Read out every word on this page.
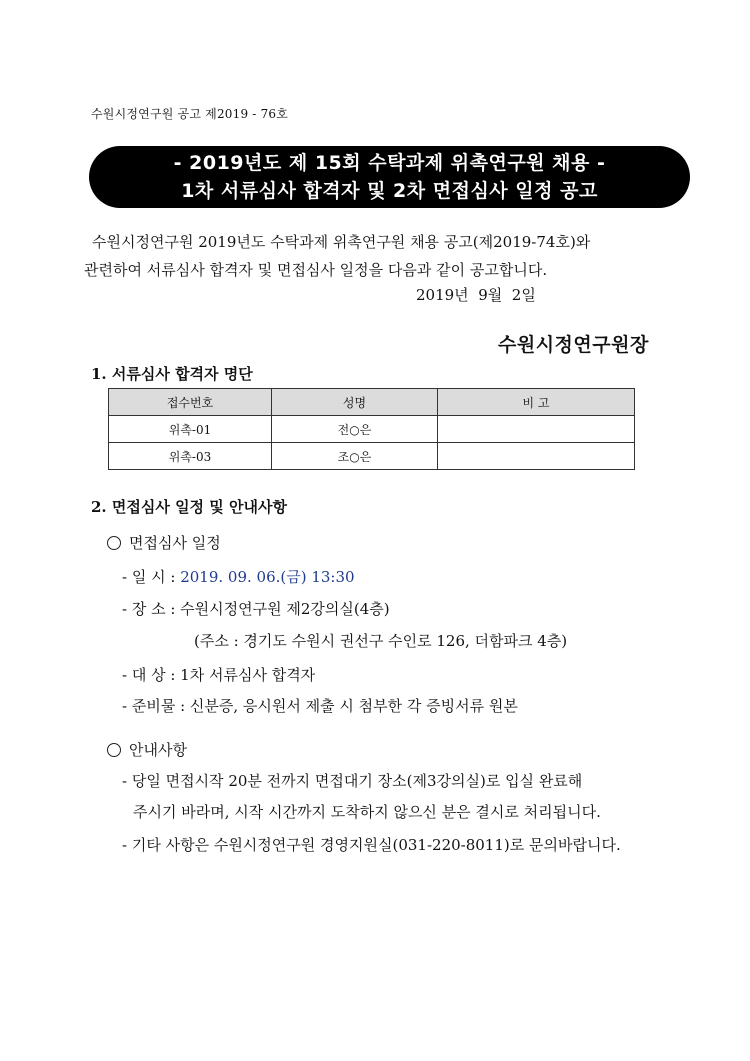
수원시정연구원 공고 제2019 - 76호
- 2019년도 제 15회 수탁과제 위촉연구원 채용 -
1차 서류심사 합격자 및 2차 면접심사 일정 공고
수원시정연구원 2019년도 수탁과제 위촉연구원 채용 공고(제2019-74호)와
관련하여 서류심사 합격자 및 면접심사 일정을 다음과 같이 공고합니다.
2019년  9월  2일
수원시정연구원장
1. 서류심사 합격자 명단
접수번호	성명	비 고
위촉-01	전○은	
위촉-03	조○은	
2. 면접심사 일정 및 안내사항
면접심사 일정
- 일 시 : 2019. 09. 06.(금) 13:30
- 장 소 : 수원시정연구원 제2강의실(4층)
(주소 : 경기도 수원시 권선구 수인로 126, 더함파크 4층)
- 대 상 : 1차 서류심사 합격자
- 준비물 : 신분증, 응시원서 제출 시 첨부한 각 증빙서류 원본
안내사항
- 당일 면접시작 20분 전까지 면접대기 장소(제3강의실)로 입실 완료해
주시기 바라며, 시작 시간까지 도착하지 않으신 분은 결시로 처리됩니다.
- 기타 사항은 수원시정연구원 경영지원실(031-220-8011)로 문의바랍니다.
